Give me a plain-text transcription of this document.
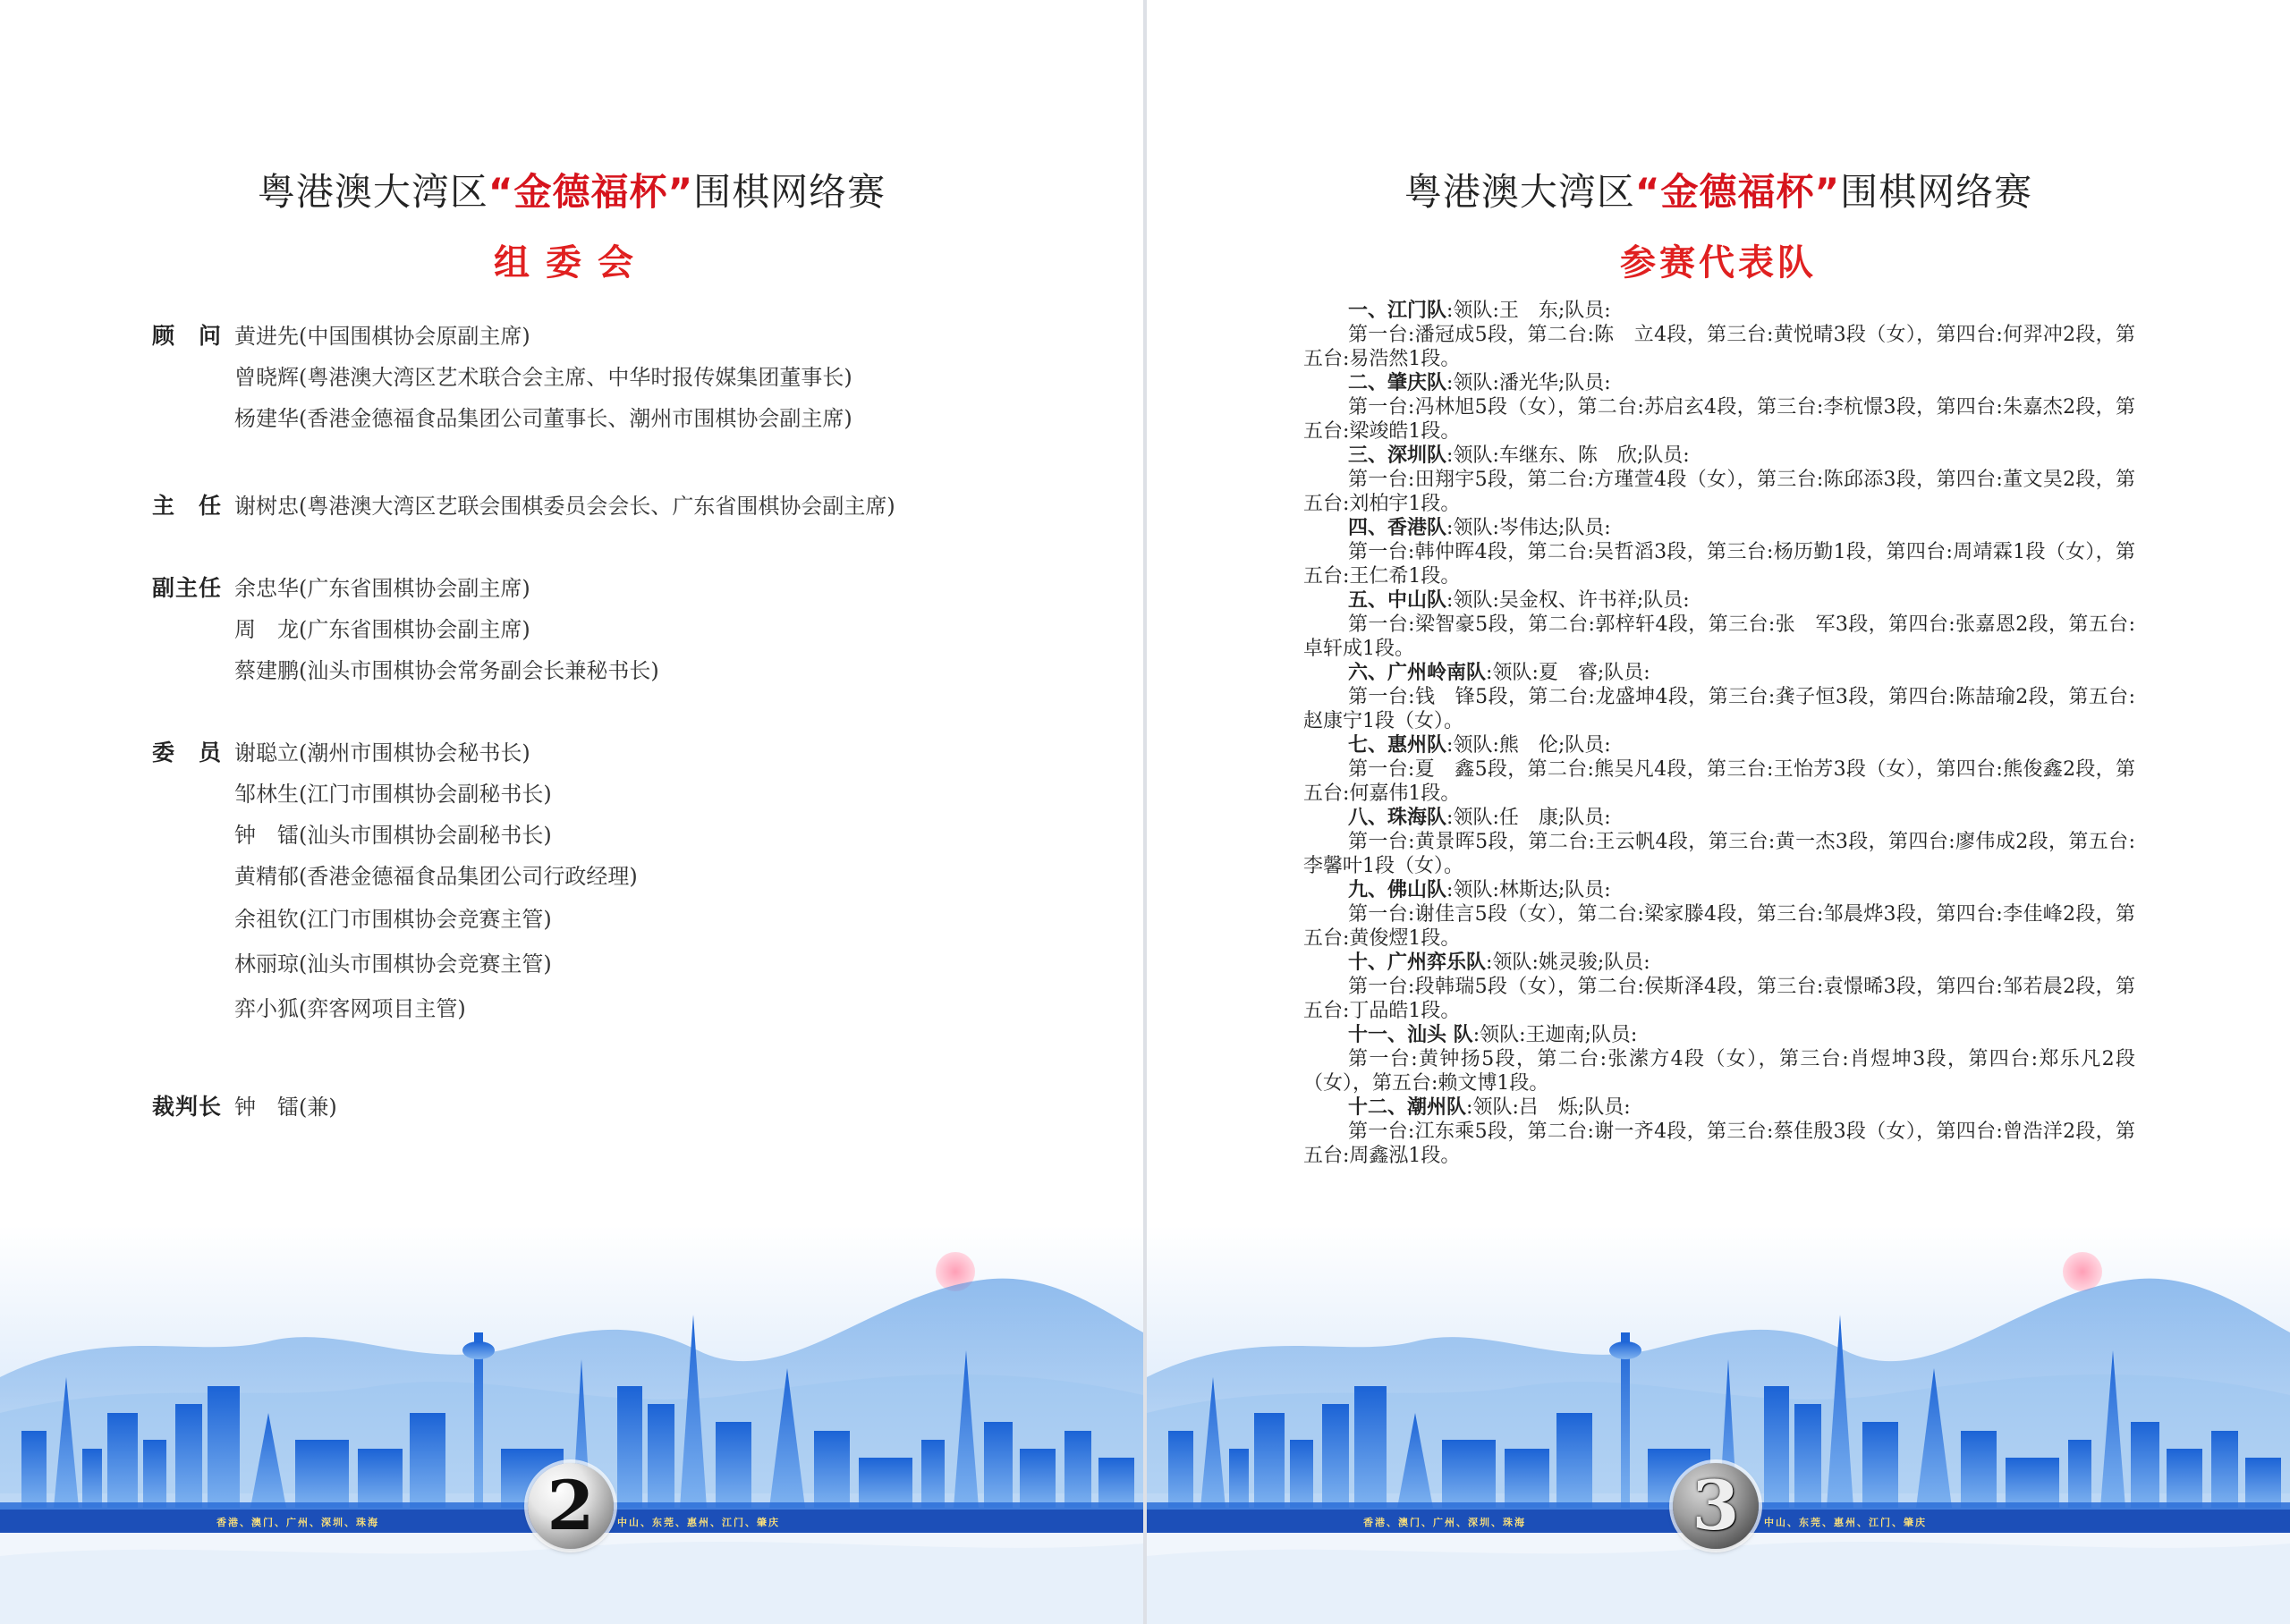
粤港澳大湾区“金德福杯”围棋网络赛
组委会
顾　问 黄进先(中国围棋协会原副主席)
曾晓辉(粤港澳大湾区艺术联合会主席、中华时报传媒集团董事长)
杨建华(香港金德福食品集团公司董事长、潮州市围棋协会副主席)
主　任 谢树忠(粤港澳大湾区艺联会围棋委员会会长、广东省围棋协会副主席)
副主任 余忠华(广东省围棋协会副主席)
周　龙(广东省围棋协会副主席)
蔡建鹏(汕头市围棋协会常务副会长兼秘书长)
委　员 谢聪立(潮州市围棋协会秘书长)
邹林生(江门市围棋协会副秘书长)
钟　镭(汕头市围棋协会副秘书长)
黄精郁(香港金德福食品集团公司行政经理)
余祖钦(江门市围棋协会竞赛主管)
林丽琼(汕头市围棋协会竞赛主管)
弈小狐(弈客网项目主管)
裁判长 钟　镭(兼)
香港、澳门、广州、深圳、珠海	中山、东莞、惠州、江门、肇庆
2
粤港澳大湾区“金德福杯”围棋网络赛
参赛代表队
一、江门队:领队:王　东;队员:
第一台:潘冠成5段，第二台:陈　立4段，第三台:黄悦晴3段（女），第四台:何羿冲2段，第五台:易浩然1段。
二、肇庆队:领队:潘光华;队员:
第一台:冯林旭5段（女），第二台:苏启玄4段，第三台:李杭憬3段，第四台:朱嘉杰2段，第五台:梁竣皓1段。
三、深圳队:领队:车继东、陈　欣;队员:
第一台:田翔宇5段，第二台:方瑾萱4段（女），第三台:陈邱添3段，第四台:董文昊2段，第五台:刘柏宇1段。
四、香港队:领队:岑伟达;队员:
第一台:韩仲晖4段，第二台:吴哲滔3段，第三台:杨历勤1段，第四台:周靖霖1段（女），第五台:王仁希1段。
五、中山队:领队:吴金权、许书祥;队员:
第一台:梁智豪5段，第二台:郭梓轩4段，第三台:张　军3段，第四台:张嘉恩2段，第五台:卓轩成1段。
六、广州岭南队:领队:夏　睿;队员:
第一台:钱　锋5段，第二台:龙盛坤4段，第三台:龚子恒3段，第四台:陈喆瑜2段，第五台:赵康宁1段（女）。
七、惠州队:领队:熊　伦;队员:
第一台:夏　鑫5段，第二台:熊吴凡4段，第三台:王怡芳3段（女），第四台:熊俊鑫2段，第五台:何嘉伟1段。
八、珠海队:领队:任　康;队员:
第一台:黄景晖5段，第二台:王云帆4段，第三台:黄一杰3段，第四台:廖伟成2段，第五台:李馨叶1段（女）。
九、佛山队:领队:林斯达;队员:
第一台:谢佳言5段（女），第二台:梁家滕4段，第三台:邹晨烨3段，第四台:李佳峰2段，第五台:黄俊熤1段。
十、广州弈乐队:领队:姚灵骏;队员:
第一台:段韩瑞5段（女），第二台:侯斯泽4段，第三台:袁憬晞3段，第四台:邹若晨2段，第五台:丁品皓1段。
十一、汕头 队:领队:王迦南;队员:
第一台:黄钟扬5段，第二台:张潆方4段（女），第三台:肖煜坤3段，第四台:郑乐凡2段（女），第五台:赖文博1段。
十二、潮州队:领队:吕　烁;队员:
第一台:江东乘5段，第二台:谢一齐4段，第三台:蔡佳殷3段（女），第四台:曾浩洋2段，第五台:周鑫泓1段。
香港、澳门、广州、深圳、珠海	中山、东莞、惠州、江门、肇庆
3
